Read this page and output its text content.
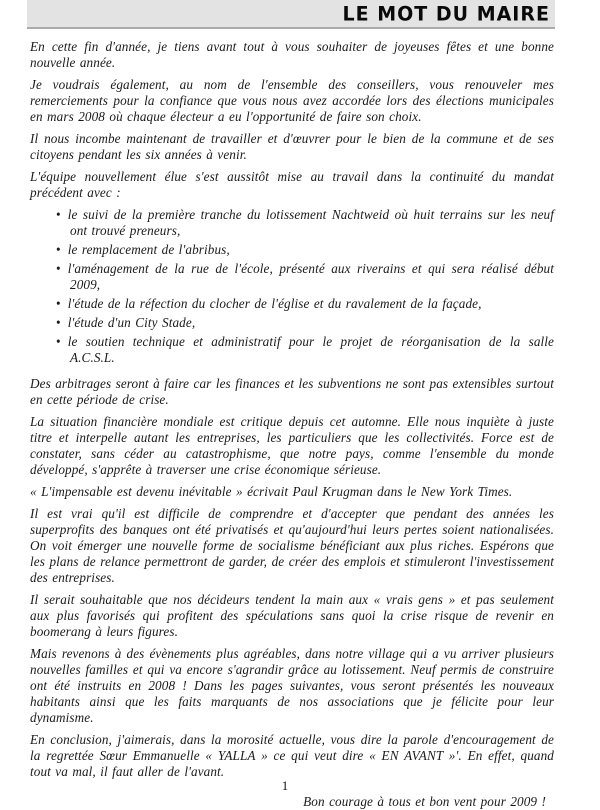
LE MOT DU MAIRE

En cette fin d'année, je tiens avant tout à vous souhaiter de joyeuses fêtes et une bonne nouvelle année.

Je voudrais également, au nom de l'ensemble des conseillers, vous renouveler mes remerciements pour la confiance que vous nous avez accordée lors des élections municipales en mars 2008 où chaque électeur a eu l'opportunité de faire son choix.

Il nous incombe maintenant de travailler et d'œuvrer pour le bien de la commune et de ses citoyens pendant les six années à venir.

L'équipe nouvellement élue s'est aussitôt mise au travail dans la continuité du mandat précédent avec :

• le suivi de la première tranche du lotissement Nachtweid où huit terrains sur les neuf ont trouvé preneurs,
• le remplacement de l'abribus,
• l'aménagement de la rue de l'école, présenté aux riverains et qui sera réalisé début 2009,
• l'étude de la réfection du clocher de l'église et du ravalement de la façade,
• l'étude d'un City Stade,
• le soutien technique et administratif pour le projet de réorganisation de la salle A.C.S.L.

Des arbitrages seront à faire car les finances et les subventions ne sont pas extensibles surtout en cette période de crise.

La situation financière mondiale est critique depuis cet automne. Elle nous inquiète à juste titre et interpelle autant les entreprises, les particuliers que les collectivités. Force est de constater, sans céder au catastrophisme, que notre pays, comme l'ensemble du monde développé, s'apprête à traverser une crise économique sérieuse.

« L'impensable est devenu inévitable » écrivait Paul Krugman dans le New York Times.

Il est vrai qu'il est difficile de comprendre et d'accepter que pendant des années les superprofits des banques ont été privatisés et qu'aujourd'hui leurs pertes soient nationalisées. On voit émerger une nouvelle forme de socialisme bénéficiant aux plus riches. Espérons que les plans de relance permettront de garder, de créer des emplois et stimuleront l'investissement des entreprises.

Il serait souhaitable que nos décideurs tendent la main aux « vrais gens » et pas seulement aux plus favorisés qui profitent des spéculations sans quoi la crise risque de revenir en boomerang à leurs figures.

Mais revenons à des évènements plus agréables, dans notre village qui a vu arriver plusieurs nouvelles familles et qui va encore s'agrandir grâce au lotissement. Neuf permis de construire ont été instruits en 2008 ! Dans les pages suivantes, vous seront présentés les nouveaux habitants ainsi que les faits marquants de nos associations que je félicite pour leur dynamisme.

En conclusion, j'aimerais, dans la morosité actuelle, vous dire la parole d'encouragement de la regrettée Sœur Emmanuelle « YALLA » ce qui veut dire « EN AVANT »'. En effet, quand tout va mal, il faut aller de l'avant.

Bon courage à tous et bon vent pour 2009 !

1
